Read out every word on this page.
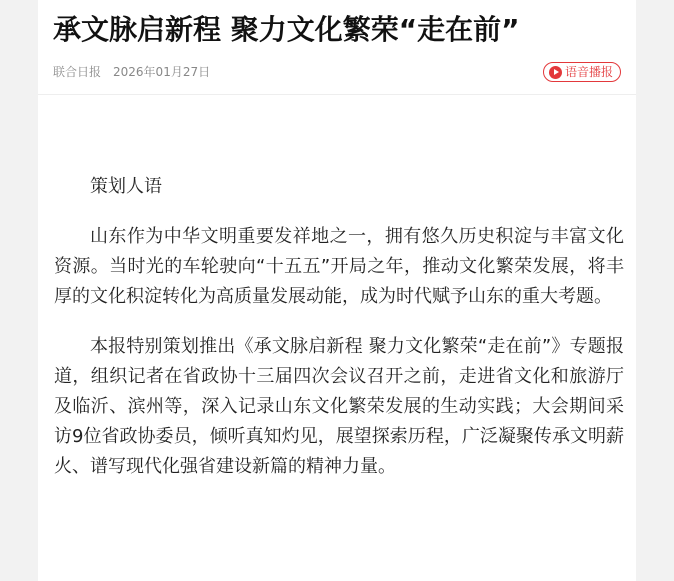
承文脉启新程 聚力文化繁荣“走在前”
联合日报 2026年01月27日	语音播报

策划人语

山东作为中华文明重要发祥地之一，拥有悠久历史积淀与丰富文化资源。当时光的车轮驶向“十五五”开局之年，推动文化繁荣发展，将丰厚的文化积淀转化为高质量发展动能，成为时代赋予山东的重大考题。

本报特别策划推出《承文脉启新程 聚力文化繁荣“走在前”》专题报道，组织记者在省政协十三届四次会议召开之前，走进省文化和旅游厅及临沂、滨州等，深入记录山东文化繁荣发展的生动实践；大会期间采访9位省政协委员，倾听真知灼见，展望探索历程，广泛凝聚传承文明薪火、谱写现代化强省建设新篇的精神力量。
